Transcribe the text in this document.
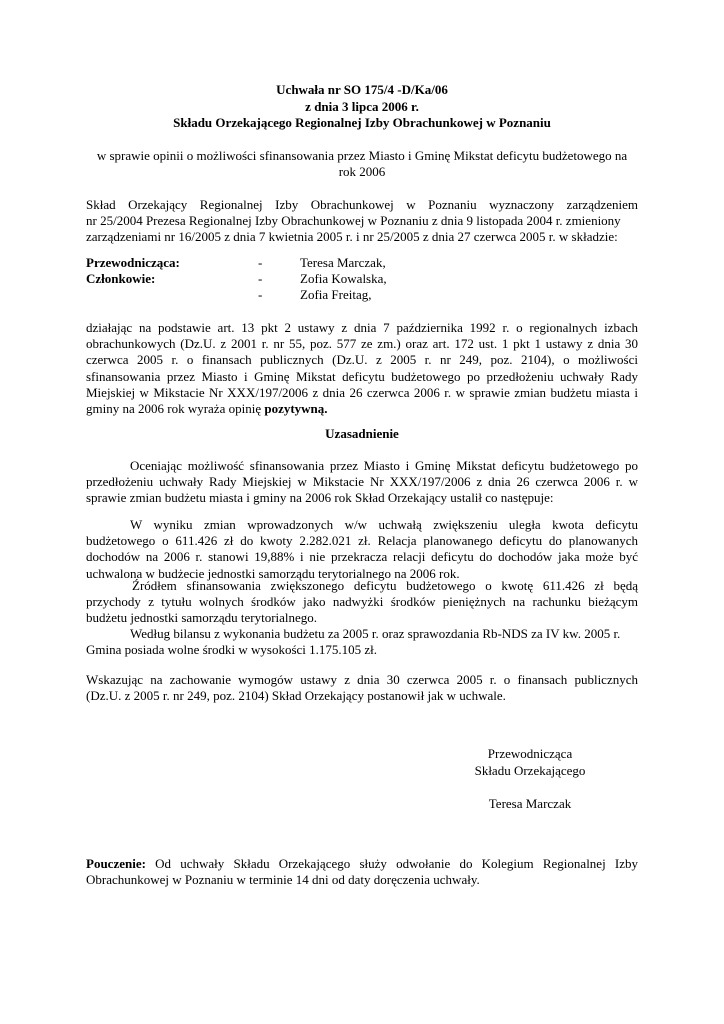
Uchwała nr SO 175/4 -D/Ka/06
z dnia 3 lipca 2006 r.
Składu Orzekającego Regionalnej Izby Obrachunkowej w Poznaniu
w sprawie opinii o możliwości sfinansowania przez Miasto i Gminę Mikstat deficytu budżetowego na
rok 2006
Skład Orzekający Regionalnej Izby Obrachunkowej w Poznaniu wyznaczony zarządzeniem
nr 25/2004 Prezesa Regionalnej Izby Obrachunkowej w Poznaniu z dnia 9 listopada 2004 r. zmieniony
zarządzeniami nr 16/2005 z dnia 7 kwietnia 2005 r. i nr 25/2005 z dnia 27 czerwca 2005 r. w składzie:
Przewodnicząca:
Członkowie:
-
-
-
Teresa Marczak,
Zofia Kowalska,
Zofia Freitag,
działając na podstawie art. 13 pkt 2 ustawy z dnia 7 października 1992 r. o regionalnych izbach
obrachunkowych (Dz.U. z 2001 r. nr 55, poz. 577 ze zm.) oraz art. 172 ust. 1 pkt 1 ustawy z dnia 30
czerwca 2005 r. o finansach publicznych (Dz.U. z 2005 r. nr 249, poz. 2104), o możliwości
sfinansowania przez Miasto i Gminę Mikstat deficytu budżetowego po przedłożeniu uchwały Rady
Miejskiej w Mikstacie Nr XXX/197/2006 z dnia 26 czerwca 2006 r. w sprawie zmian budżetu miasta i
gminy na 2006 rok wyraża opinię pozytywną.
Uzasadnienie
Oceniając możliwość sfinansowania przez Miasto i Gminę Mikstat deficytu budżetowego po
przedłożeniu uchwały Rady Miejskiej w Mikstacie Nr XXX/197/2006 z dnia 26 czerwca 2006 r. w
sprawie zmian budżetu miasta i gminy na 2006 rok Skład Orzekający ustalił co następuje:
W wyniku zmian wprowadzonych w/w uchwałą zwiększeniu uległa kwota deficytu
budżetowego o 611.426 zł do kwoty 2.282.021 zł. Relacja planowanego deficytu do planowanych
dochodów na 2006 r. stanowi 19,88% i nie przekracza relacji deficytu do dochodów jaka może być
uchwalona w budżecie jednostki samorządu terytorialnego na 2006 rok.
Źródłem sfinansowania zwiększonego deficytu budżetowego o kwotę 611.426 zł będą
przychody z tytułu wolnych środków jako nadwyżki środków pieniężnych na rachunku bieżącym
budżetu jednostki samorządu terytorialnego.
Według bilansu z wykonania budżetu za 2005 r. oraz sprawozdania Rb-NDS za IV kw. 2005 r.
Gmina posiada wolne środki w wysokości 1.175.105 zł.
Wskazując na zachowanie wymogów ustawy z dnia 30 czerwca 2005 r. o finansach publicznych
(Dz.U. z 2005 r. nr 249, poz. 2104) Skład Orzekający postanowił jak w uchwale.
Przewodnicząca
Składu Orzekającego
Teresa Marczak
Pouczenie: Od uchwały Składu Orzekającego służy odwołanie do Kolegium Regionalnej Izby
Obrachunkowej w Poznaniu w terminie 14 dni od daty doręczenia uchwały.
